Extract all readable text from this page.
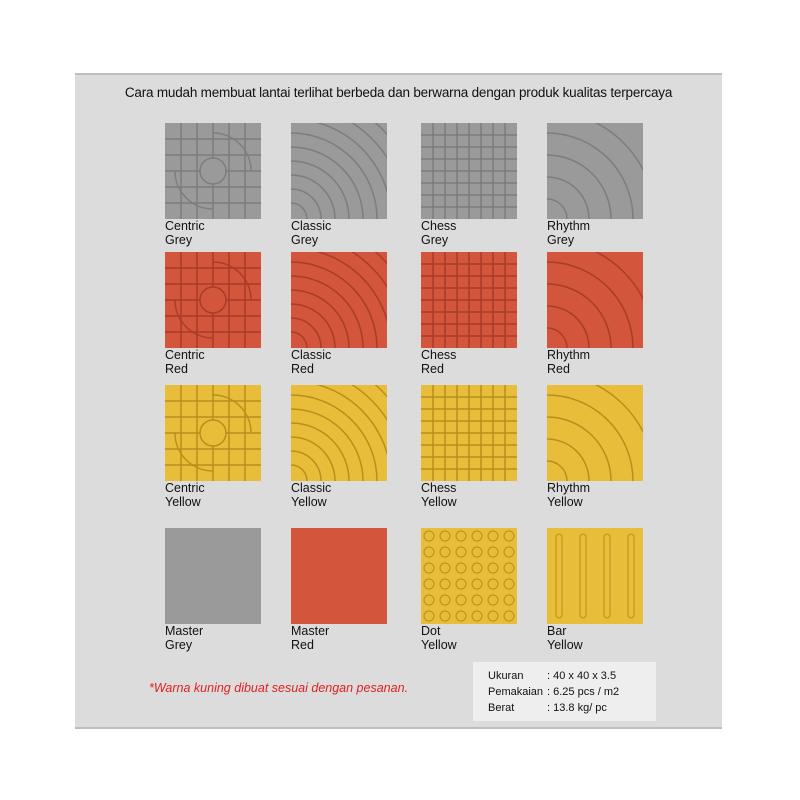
Cara mudah membuat lantai terlihat berbeda dan berwarna dengan produk kualitas terpercaya
Centric
Grey
Classic
Grey
Chess
Grey
Rhythm
Grey
Centric
Red
Classic
Red
Chess
Red
Rhythm
Red
Centric
Yellow
Classic
Yellow
Chess
Yellow
Rhythm
Yellow
Master
Grey
Master
Red
Dot
Yellow
Bar
Yellow
*Warna kuning dibuat sesuai dengan pesanan.
Ukuran	: 40 x 40 x 3.5
Pemakaian : 6.25 pcs / m2
Berat	: 13.8 kg/ pc
